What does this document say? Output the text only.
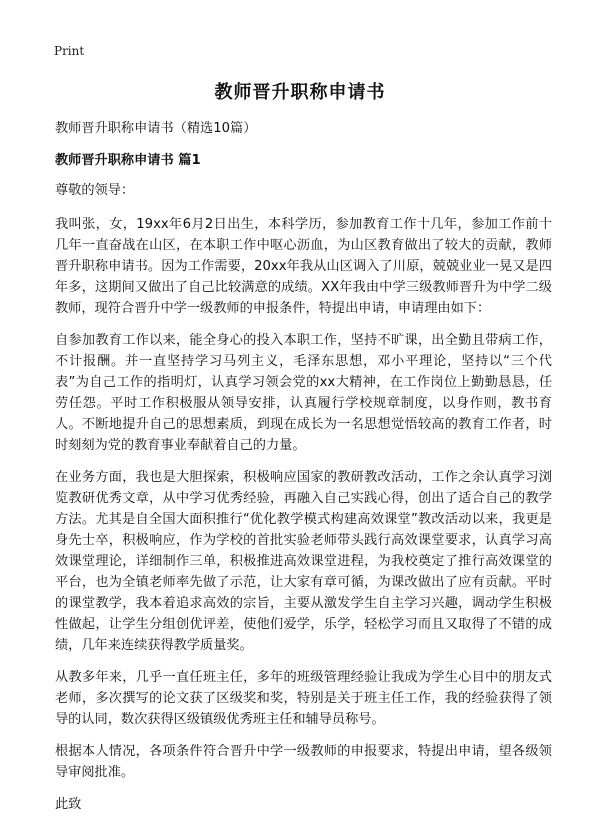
Print
教师晋升职称申请书

教师晋升职称申请书（精选10篇）

教师晋升职称申请书 篇1

尊敬的领导：

我叫张，女，19xx年6月2日出生，本科学历，参加教育工作十几年，参加工作前十几年一直奋战在山区，在本职工作中呕心沥血，为山区教育做出了较大的贡献，教师晋升职称申请书。因为工作需要，20xx年我从山区调入了川原，兢兢业业一晃又是四年多，这期间又做出了自己比较满意的成绩。XX年我由中学三级教师晋升为中学二级教师，现符合晋升中学一级教师的申报条件，特提出申请，申请理由如下：

自参加教育工作以来，能全身心的投入本职工作，坚持不旷课，出全勤且带病工作，不计报酬。并一直坚持学习马列主义，毛泽东思想，邓小平理论，坚持以“三个代表”为自己工作的指明灯，认真学习领会党的xx大精神，在工作岗位上勤勤恳恳，任劳任怨。平时工作积极服从领导安排，认真履行学校规章制度，以身作则，教书育人。不断地提升自己的思想素质，到现在成长为一名思想觉悟较高的教育工作者，时时刻刻为党的教育事业奉献着自己的力量。

在业务方面，我也是大胆探索，积极响应国家的教研教改活动，工作之余认真学习浏览教研优秀文章，从中学习优秀经验，再融入自己实践心得，创出了适合自己的教学方法。尤其是自全国大面积推行“优化教学模式构建高效课堂”教改活动以来，我更是身先士卒，积极响应，作为学校的首批实验老师带头践行高效课堂要求，认真学习高效课堂理论，详细制作三单，积极推进高效课堂进程，为我校奠定了推行高效课堂的平台，也为全镇老师率先做了示范，让大家有章可循，为课改做出了应有贡献。平时的课堂教学，我本着追求高效的宗旨，主要从激发学生自主学习兴趣，调动学生积极性做起，让学生分组创优评差，使他们爱学，乐学，轻松学习而且又取得了不错的成绩，几年来连续获得教学质量奖。

从教多年来，几乎一直任班主任，多年的班级管理经验让我成为学生心目中的朋友式老师，多次撰写的论文获了区级奖和奖，特别是关于班主任工作，我的经验获得了领导的认同，数次获得区级镇级优秀班主任和辅导员称号。

根据本人情况，各项条件符合晋升中学一级教师的申报要求，特提出申请，望各级领导审阅批准。

此致
